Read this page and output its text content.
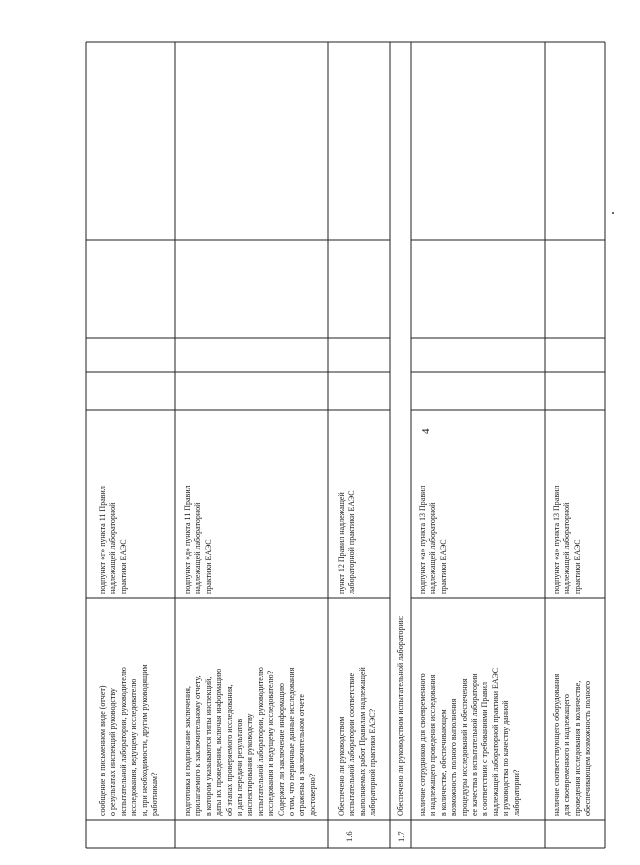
сообщение в письменном виде (отчет) о результатах инспекций руководству испытательной лаборатории, руководителю исследования, ведущему исследователю и, при необходимости, другим руководящим работникам?
подпункт «г» пункта 11 Правил надлежащей лабораторной практики ЕАЭС
подготовка и подписание заключения, прилагаемого к заключительному отчету, в котором указываются типы инспекций, даты их проведения, включая информацию об этапах проверяемого исследования, и даты передачи результатов инспектирования руководству испытательной лаборатории, руководителю исследования и ведущему исследователю? Содержит ли заключение информацию о том, что первичные данные исследования отражены в заключительном отчете достоверно?
подпункт «д» пункта 11 Правил надлежащей лабораторной практики ЕАЭС
1.6
Обеспечено ли руководством испытательной лаборатории соответствие выполняемых работ Правилам надлежащей лабораторной практики ЕАЭС?
пункт 12 Правил надлежащей лабораторной практики ЕАЭС
1.7
Обеспечено ли руководством испытательной лаборатории: наличие сотрудников для своевременного и надлежащего проведения исследования в количестве, обеспечивающем возможность полного выполнения процедуры исследований и обеспечения ее качества в испытательной лаборатории в соответствии с требованиями Правил надлежащей лабораторной практики ЕАЭС и руководства по качеству данной лаборатории?
подпункт «а» пункта 13 Правил надлежащей лабораторной практики ЕАЭС
наличие соответствующего оборудования для своевременного и надлежащего проведения исследования в количестве, обеспечивающем возможность полного
подпункт «а» пункта 13 Правил надлежащей лабораторной практики ЕАЭС
4
